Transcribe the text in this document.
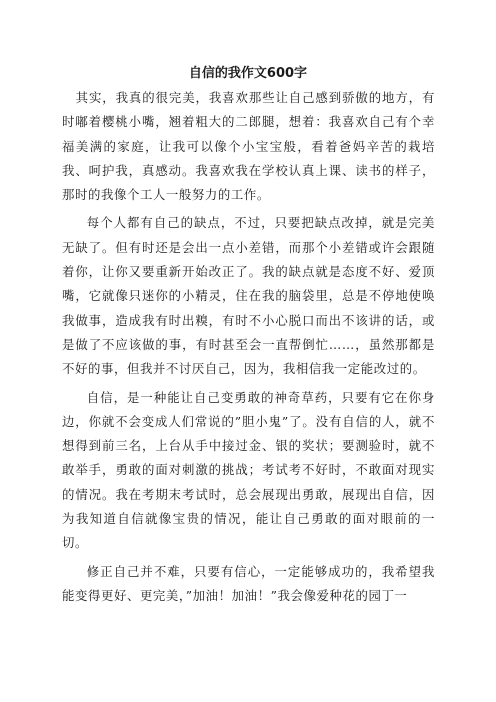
自信的我作文600字

其实，我真的很完美，我喜欢那些让自己感到骄傲的地方，有时嘟着樱桃小嘴，翘着粗大的二郎腿，想着：我喜欢自己有个幸福美满的家庭，让我可以像个小宝宝般，看着爸妈辛苦的栽培我、呵护我，真感动。我喜欢我在学校认真上课、读书的样子，那时的我像个工人一般努力的工作。

每个人都有自己的缺点，不过，只要把缺点改掉，就是完美无缺了。但有时还是会出一点小差错，而那个小差错或许会跟随着你，让你又要重新开始改正了。我的缺点就是态度不好、爱顶嘴，它就像只迷你的小精灵，住在我的脑袋里，总是不停地使唤我做事，造成我有时出糗，有时不小心脱口而出不该讲的话，或是做了不应该做的事，有时甚至会一直帮倒忙……，虽然那都是不好的事，但我并不讨厌自己，因为，我相信我一定能改过的。

自信，是一种能让自己变勇敢的神奇草药，只要有它在你身边，你就不会变成人们常说的”胆小鬼”了。没有自信的人，就不想得到前三名，上台从手中接过金、银的奖状；要测验时，就不敢举手，勇敢的面对刺激的挑战；考试考不好时，不敢面对现实的情况。我在考期末考试时，总会展现出勇敢，展现出自信，因为我知道自信就像宝贵的情况，能让自己勇敢的面对眼前的一切。

修正自己并不难，只要有信心，一定能够成功的，我希望我能变得更好、更完美，”加油！加油！”我会像爱种花的园丁一
